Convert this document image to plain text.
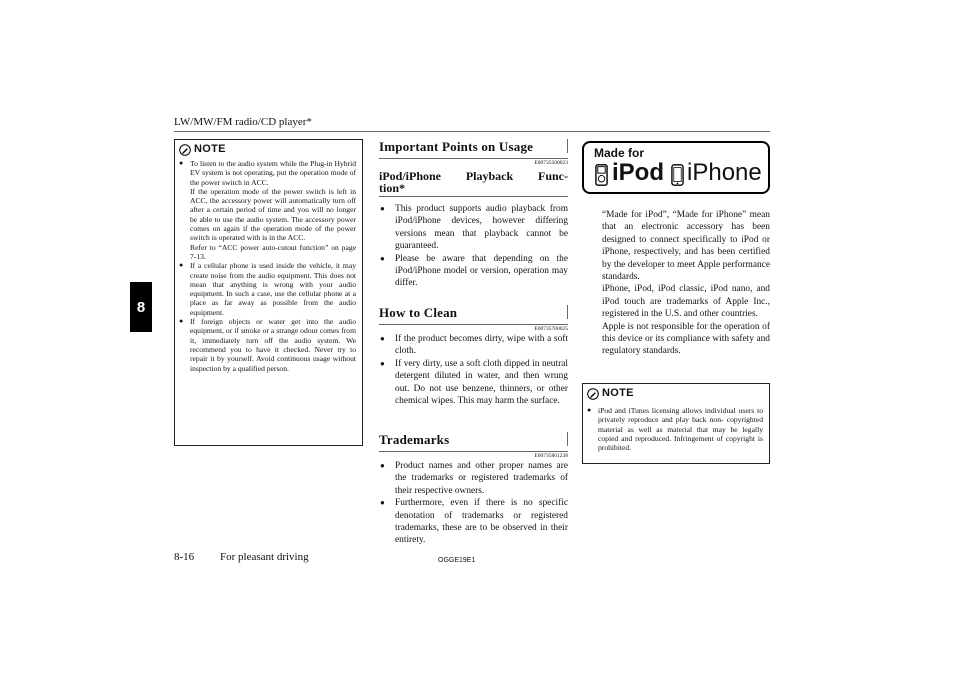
LW/MW/FM radio/CD player*
8
NOTE
● To listen to the audio system while the Plug-in Hybrid EV system is not operating, put the operation mode of the power switch in ACC.
If the operation mode of the power switch is left in ACC, the accessory power will automatically turn off after a certain period of time and you will no longer be able to use the audio system. The accessory power comes on again if the operation mode of the power switch is operated with is in the ACC.
Refer to “ACC power auto-cutout function” on page 7-13.
● If a cellular phone is used inside the vehicle, it may create noise from the audio equipment. This does not mean that anything is wrong with your audio equipment. In such a case, use the cellular phone at a place as far away as possible from the audio equipment.
● If foreign objects or water get into the audio equipment, or if smoke or a strange odour comes from it, immediately turn off the audio system. We recommend you to have it checked. Never try to repair it by yourself. Avoid continuous usage without inspection by a qualified person.
Important Points on Usage
E00735500023
iPod/iPhone Playback Func-
tion*
● This product supports audio playback from iPod/iPhone devices, however differing versions mean that playback cannot be guaranteed.
● Please be aware that depending on the iPod/iPhone model or version, operation may differ.
How to Clean
E00735700025
● If the product becomes dirty, wipe with a soft cloth.
● If very dirty, use a soft cloth dipped in neutral detergent diluted in water, and then wrung out. Do not use benzene, thinners, or other chemical wipes. This may harm the surface.
Trademarks
E00735801238
● Product names and other proper names are the trademarks or registered trademarks of their respective owners.
● Furthermore, even if there is no specific denotation of trademarks or registered trademarks, these are to be observed in their entirety.
Made for
iPod iPhone
“Made for iPod”, “Made for iPhone” mean that an electronic accessory has been designed to connect specifically to iPod or iPhone, respectively, and has been certified by the developer to meet Apple performance standards.
iPhone, iPod, iPod classic, iPod nano, and iPod touch are trademarks of Apple Inc., registered in the U.S. and other countries.
Apple is not responsible for the operation of this device or its compliance with safety and regulatory standards.
NOTE
● iPod and iTunes licensing allows individual users to privately reproduce and play back non- copyrighted material as well as material that may be legally copied and reproduced. Infringement of copyright is prohibited.
8-16 For pleasant driving	OGGE19E1
